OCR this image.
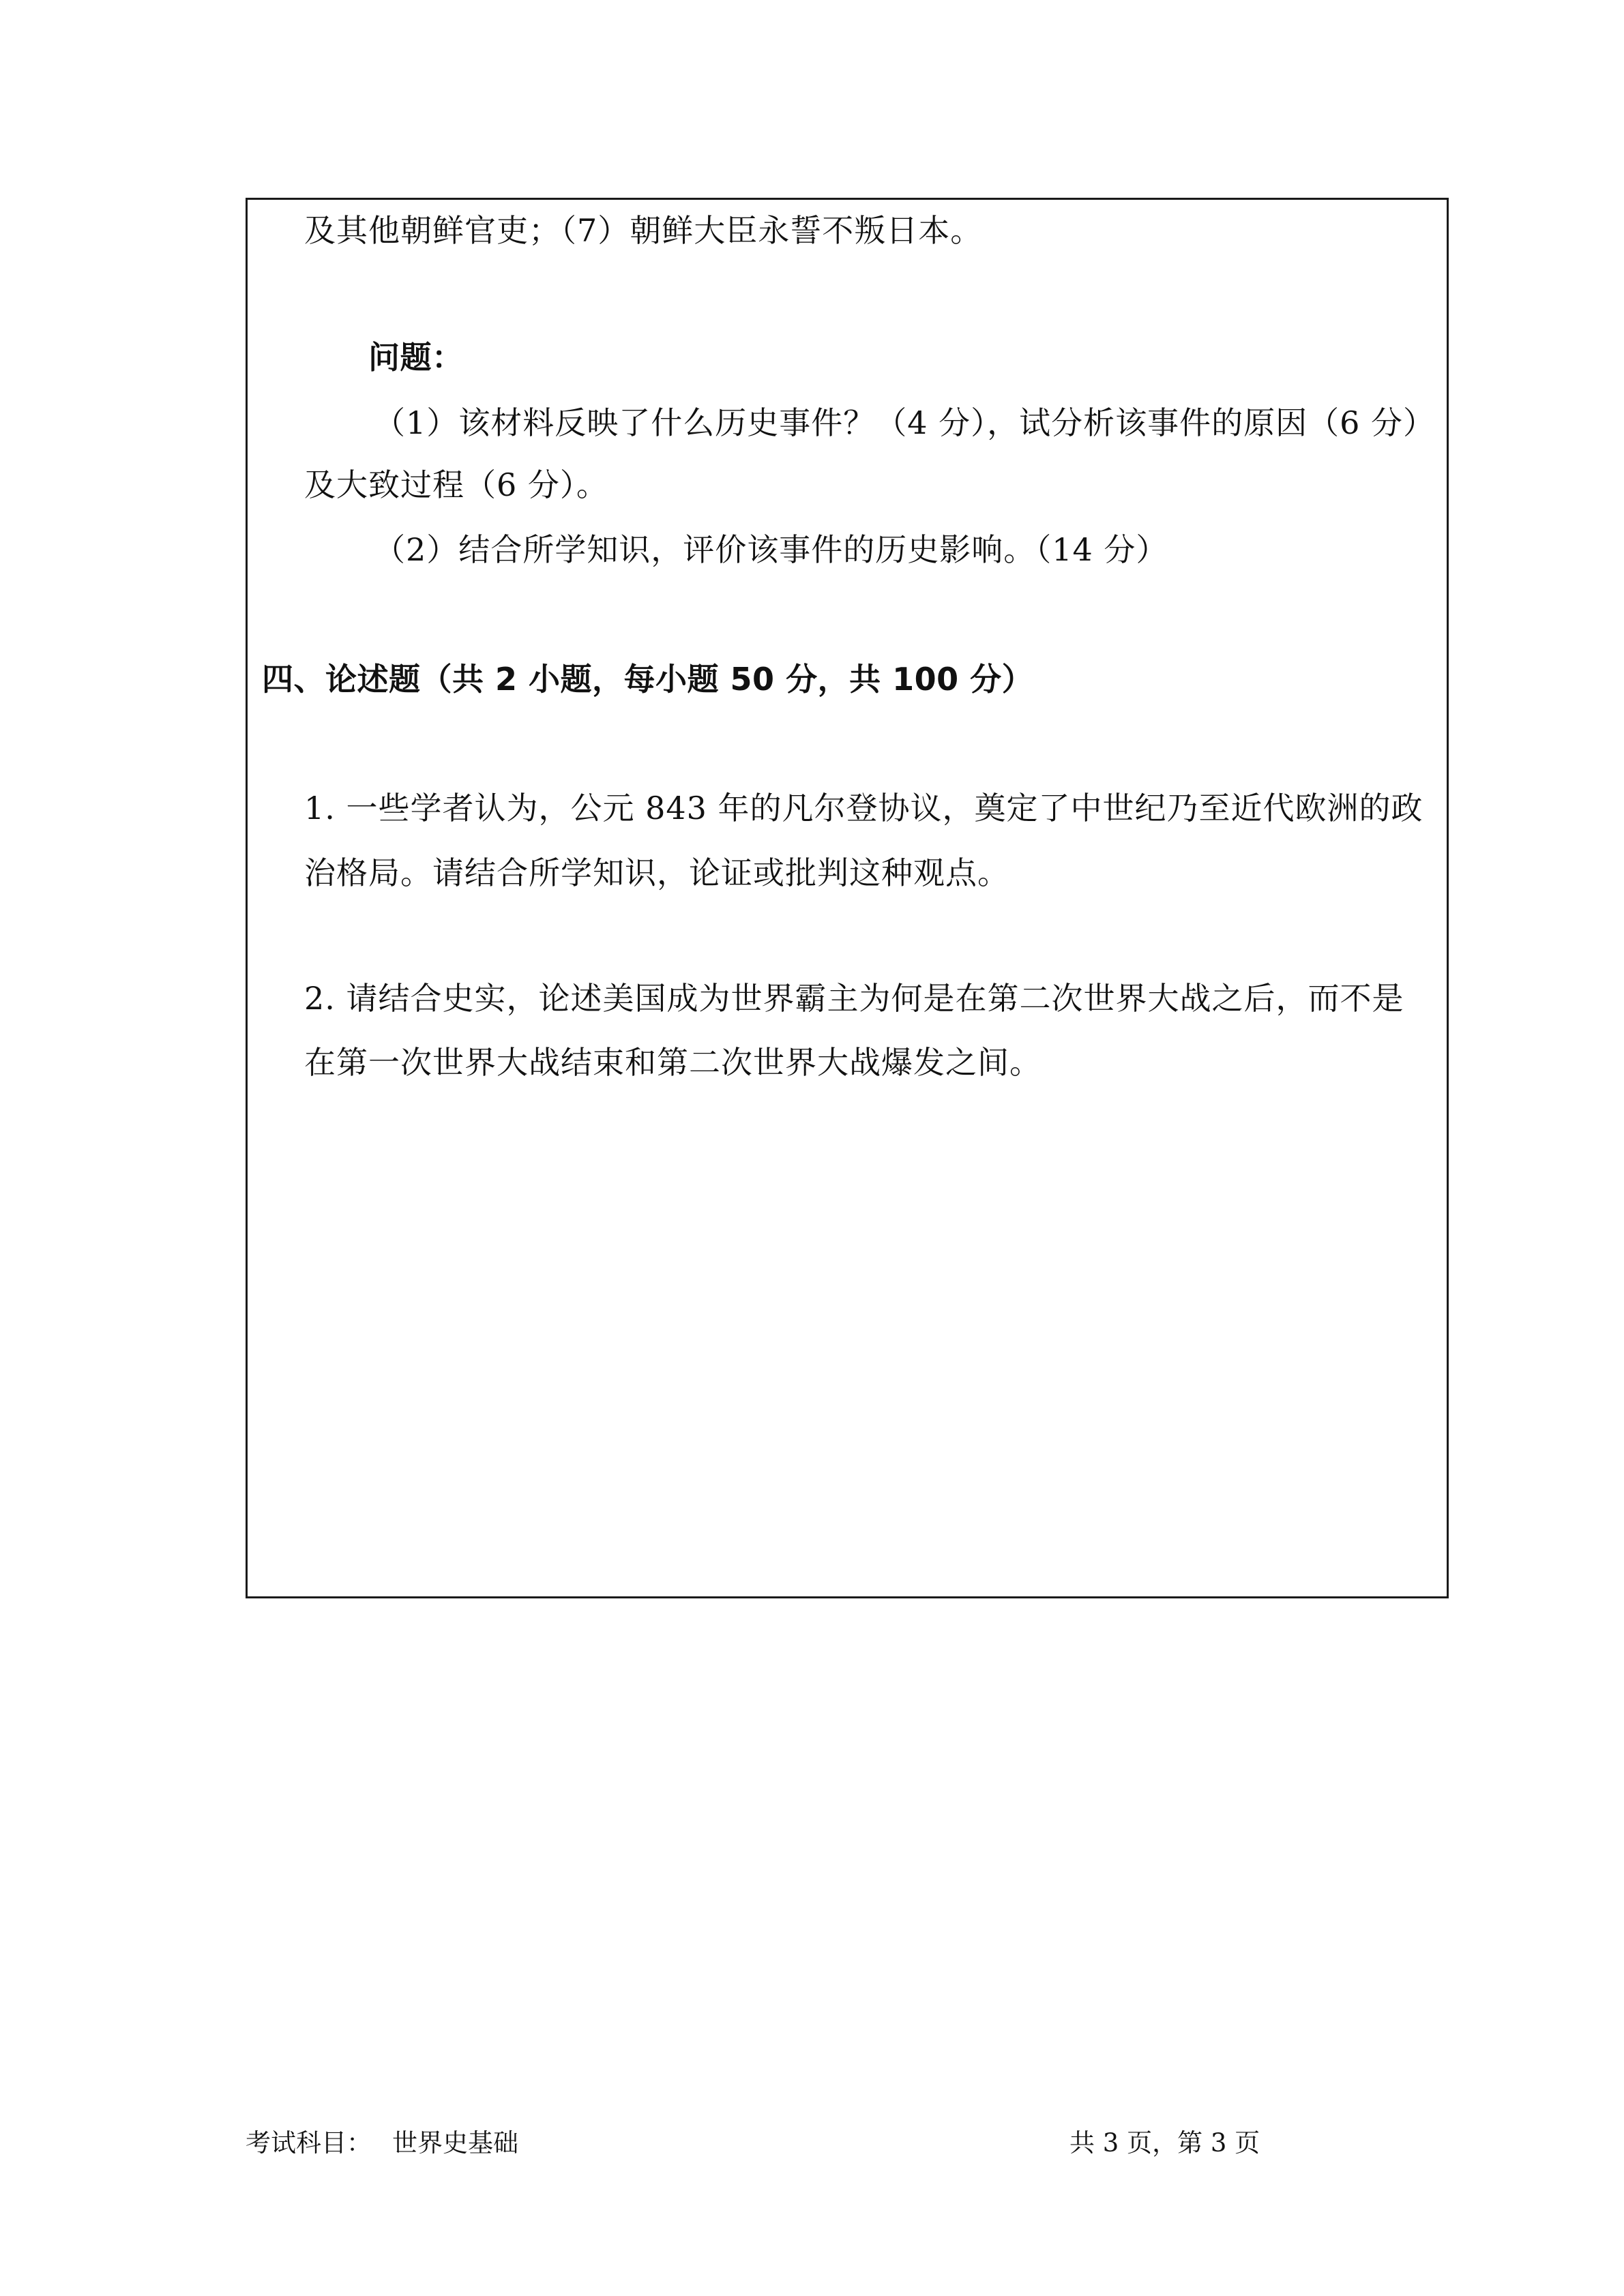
及其他朝鲜官吏；（7）朝鲜大臣永誓不叛日本。
问题：
（1）该材料反映了什么历史事件？（4 分），试分析该事件的原因（6 分）
及大致过程（6 分）。
（2）结合所学知识，评价该事件的历史影响。（14 分）
四、论述题（共 2 小题，每小题 50 分，共 100 分）
1. 一些学者认为，公元 843 年的凡尔登协议，奠定了中世纪乃至近代欧洲的政
治格局。请结合所学知识，论证或批判这种观点。
2. 请结合史实，论述美国成为世界霸主为何是在第二次世界大战之后，而不是
在第一次世界大战结束和第二次世界大战爆发之间。
考试科目： 世界史基础	共 3 页，第 3 页
